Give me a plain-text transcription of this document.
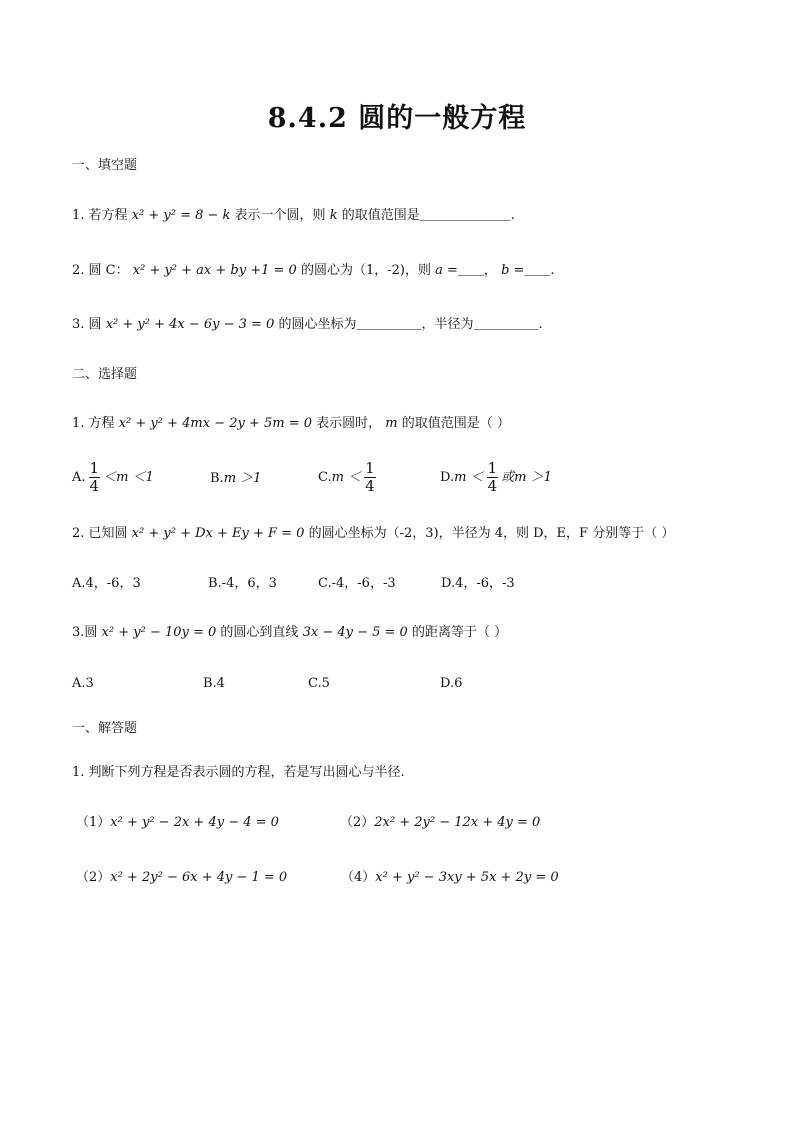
8.4.2 圆的一般方程
一、填空题
1. 若方程 x² + y² = 8 − k 表示一个圆，则 k 的取值范围是＿＿＿＿＿＿＿.
2. 圆 C： x² + y² + ax + by +1 = 0 的圆心为（1，-2)，则 a =＿＿， b =＿＿.
3. 圆 x² + y² + 4x − 6y − 3 = 0 的圆心坐标为＿＿＿＿＿，半径为＿＿＿＿＿.
二、选择题
1. 方程 x² + y² + 4mx − 2y + 5m = 0 表示圆时， m 的取值范围是（ ）
A. $\frac{1}{4} <m <1$	B.m ＞1	$C.m < \frac{1}{4}$	$D.m < \frac{1}{4}$ 或m ＞1
2. 已知圆 x² + y² + Dx + Ey + F = 0 的圆心坐标为（-2，3)，半径为 4，则 D，E，F 分别等于（ ）
A.4，-6，3	B.-4，6，3	C.-4，-6，-3	D.4，-6，-3
3.圆 x² + y² − 10y = 0 的圆心到直线 3x − 4y − 5 = 0 的距离等于（ ）
A.3	B.4	C.5	D.6
一、解答题
1. 判断下列方程是否表示圆的方程，若是写出圆心与半径.
（1）x² + y² − 2x + 4y − 4 = 0	（2）2x² + 2y² − 12x + 4y = 0
（2）x² + 2y² − 6x + 4y − 1 = 0	（4）x² + y² − 3xy + 5x + 2y = 0
